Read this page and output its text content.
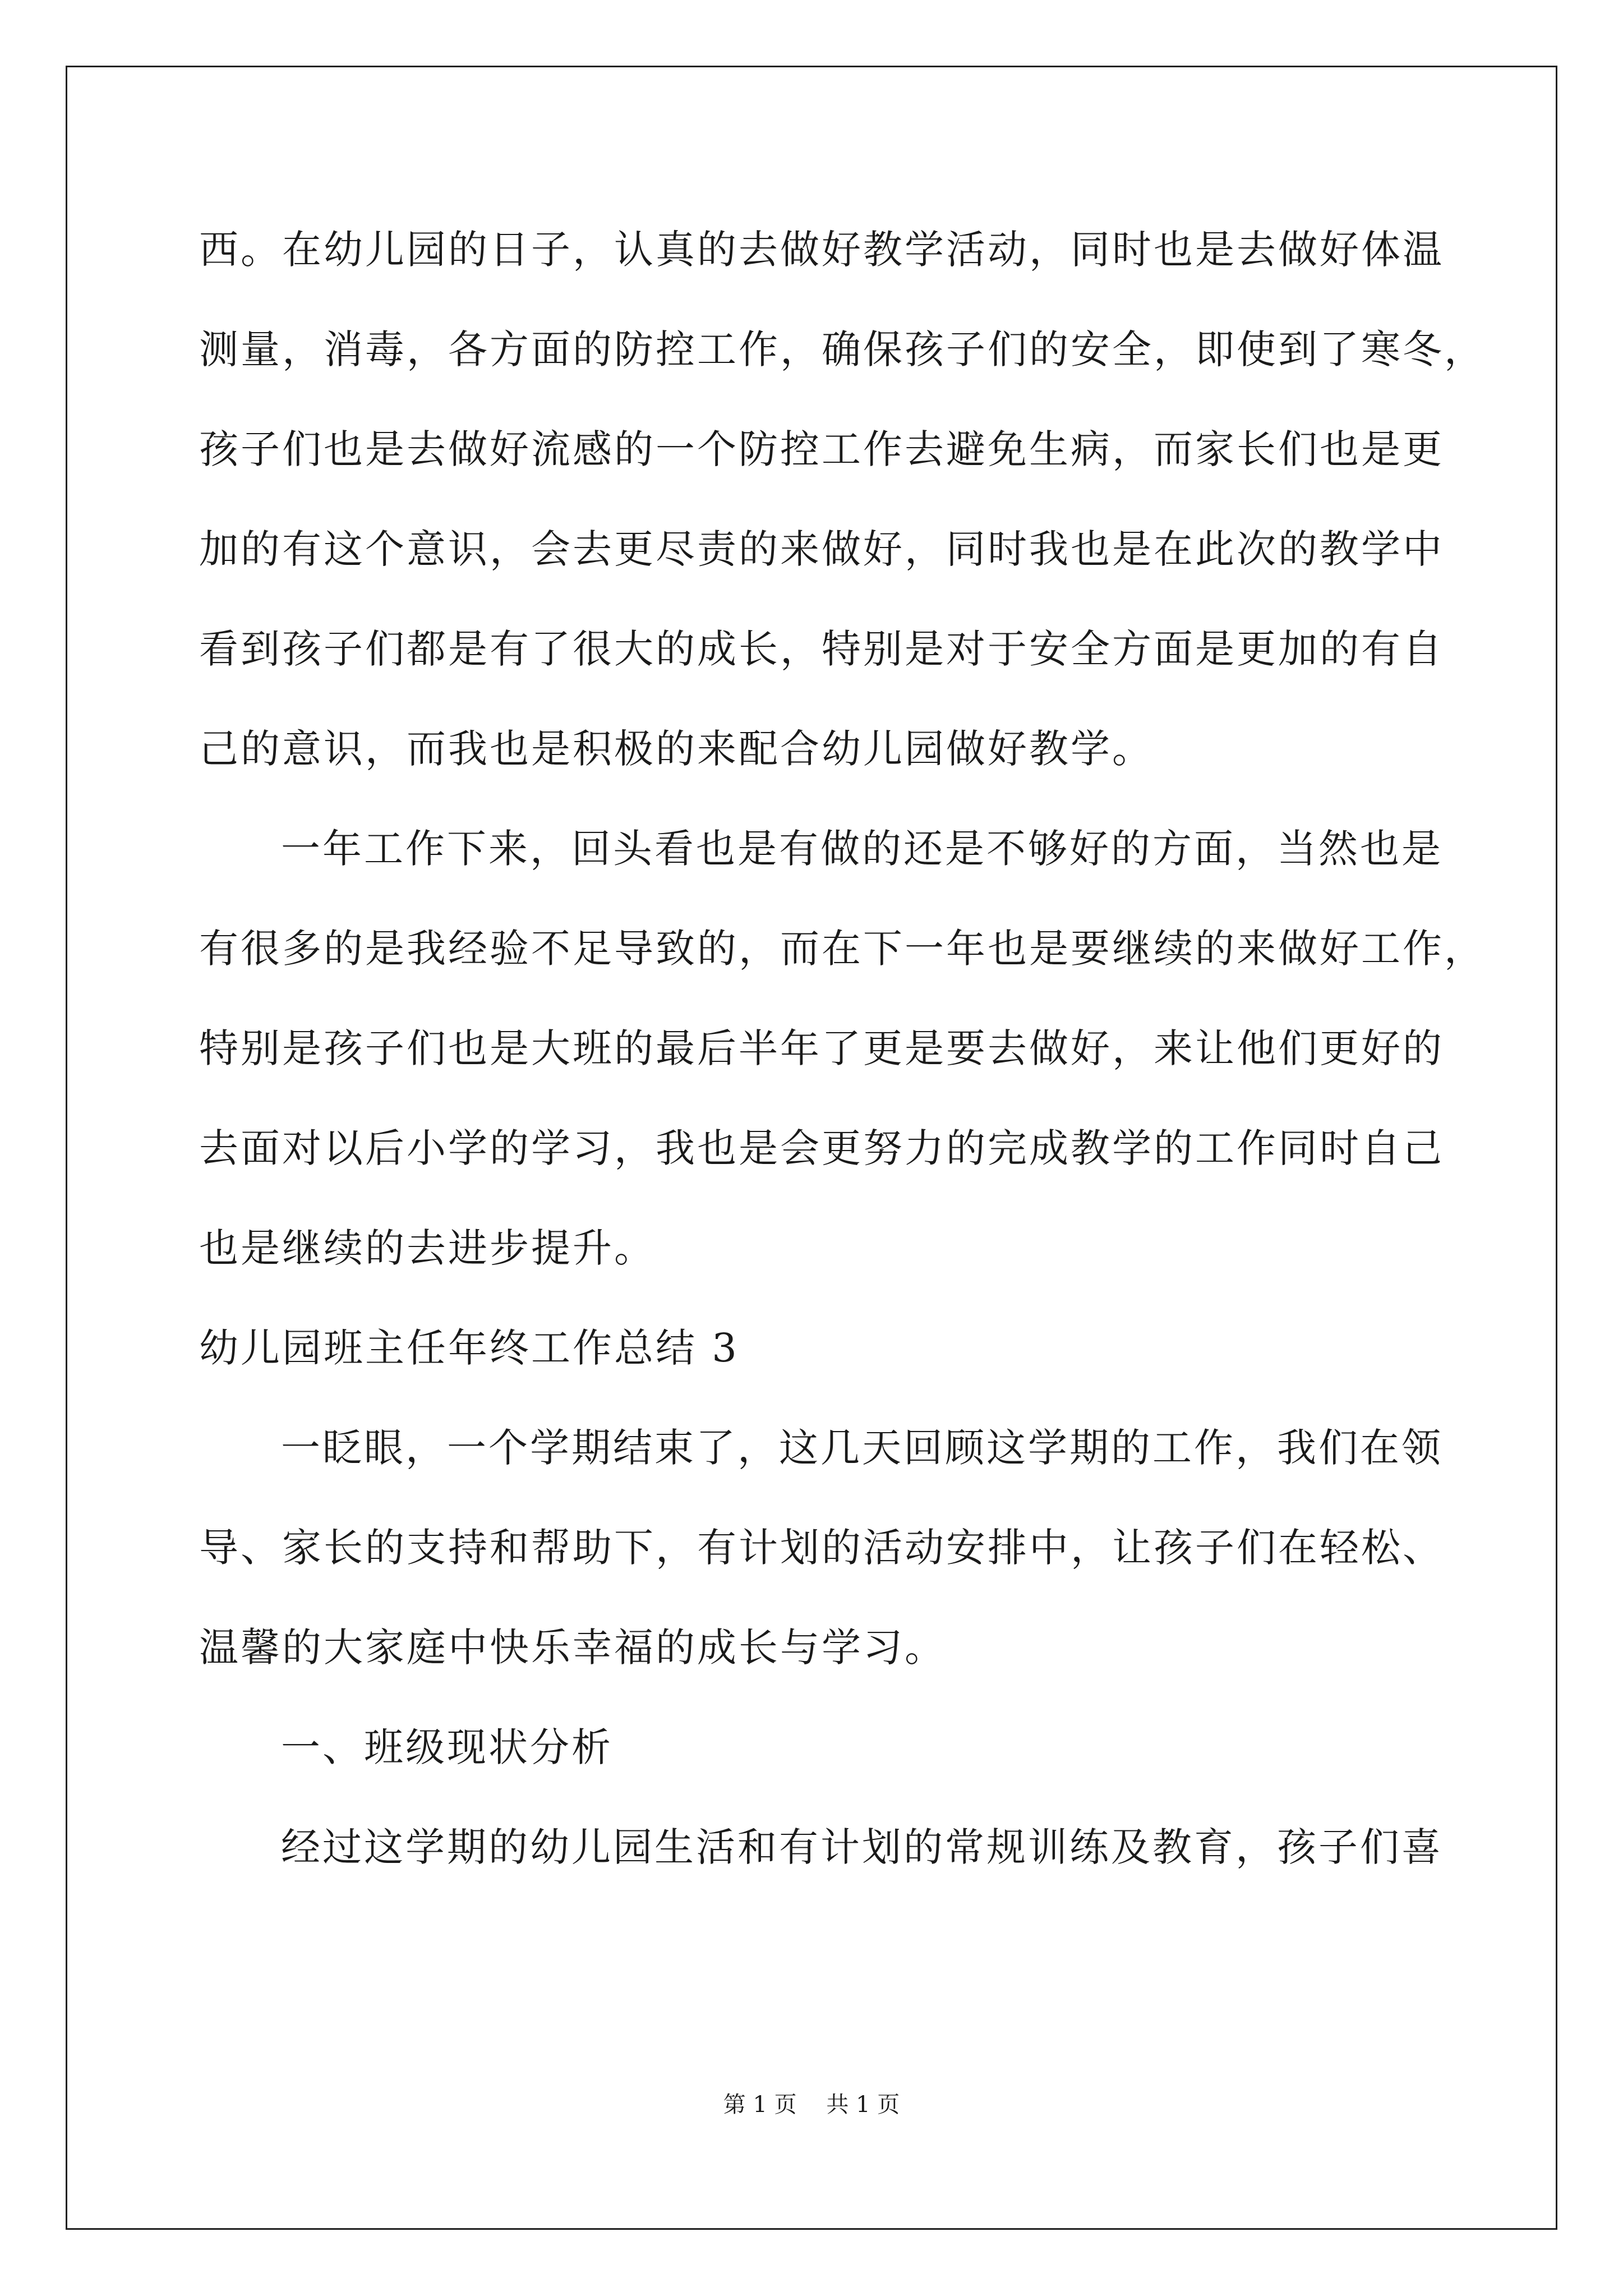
西。在幼儿园的日子，认真的去做好教学活动，同时也是去做好体温
测量，消毒，各方面的防控工作，确保孩子们的安全，即使到了寒冬，
孩子们也是去做好流感的一个防控工作去避免生病，而家长们也是更
加的有这个意识，会去更尽责的来做好，同时我也是在此次的教学中
看到孩子们都是有了很大的成长，特别是对于安全方面是更加的有自
己的意识，而我也是积极的来配合幼儿园做好教学。
一年工作下来，回头看也是有做的还是不够好的方面，当然也是
有很多的是我经验不足导致的，而在下一年也是要继续的来做好工作，
特别是孩子们也是大班的最后半年了更是要去做好，来让他们更好的
去面对以后小学的学习，我也是会更努力的完成教学的工作同时自己
也是继续的去进步提升。
幼儿园班主任年终工作总结 3
一眨眼，一个学期结束了，这几天回顾这学期的工作，我们在领
导、家长的支持和帮助下，有计划的活动安排中，让孩子们在轻松、
温馨的大家庭中快乐幸福的成长与学习。
一、班级现状分析
经过这学期的幼儿园生活和有计划的常规训练及教育，孩子们喜
第 1 页 共 1 页
